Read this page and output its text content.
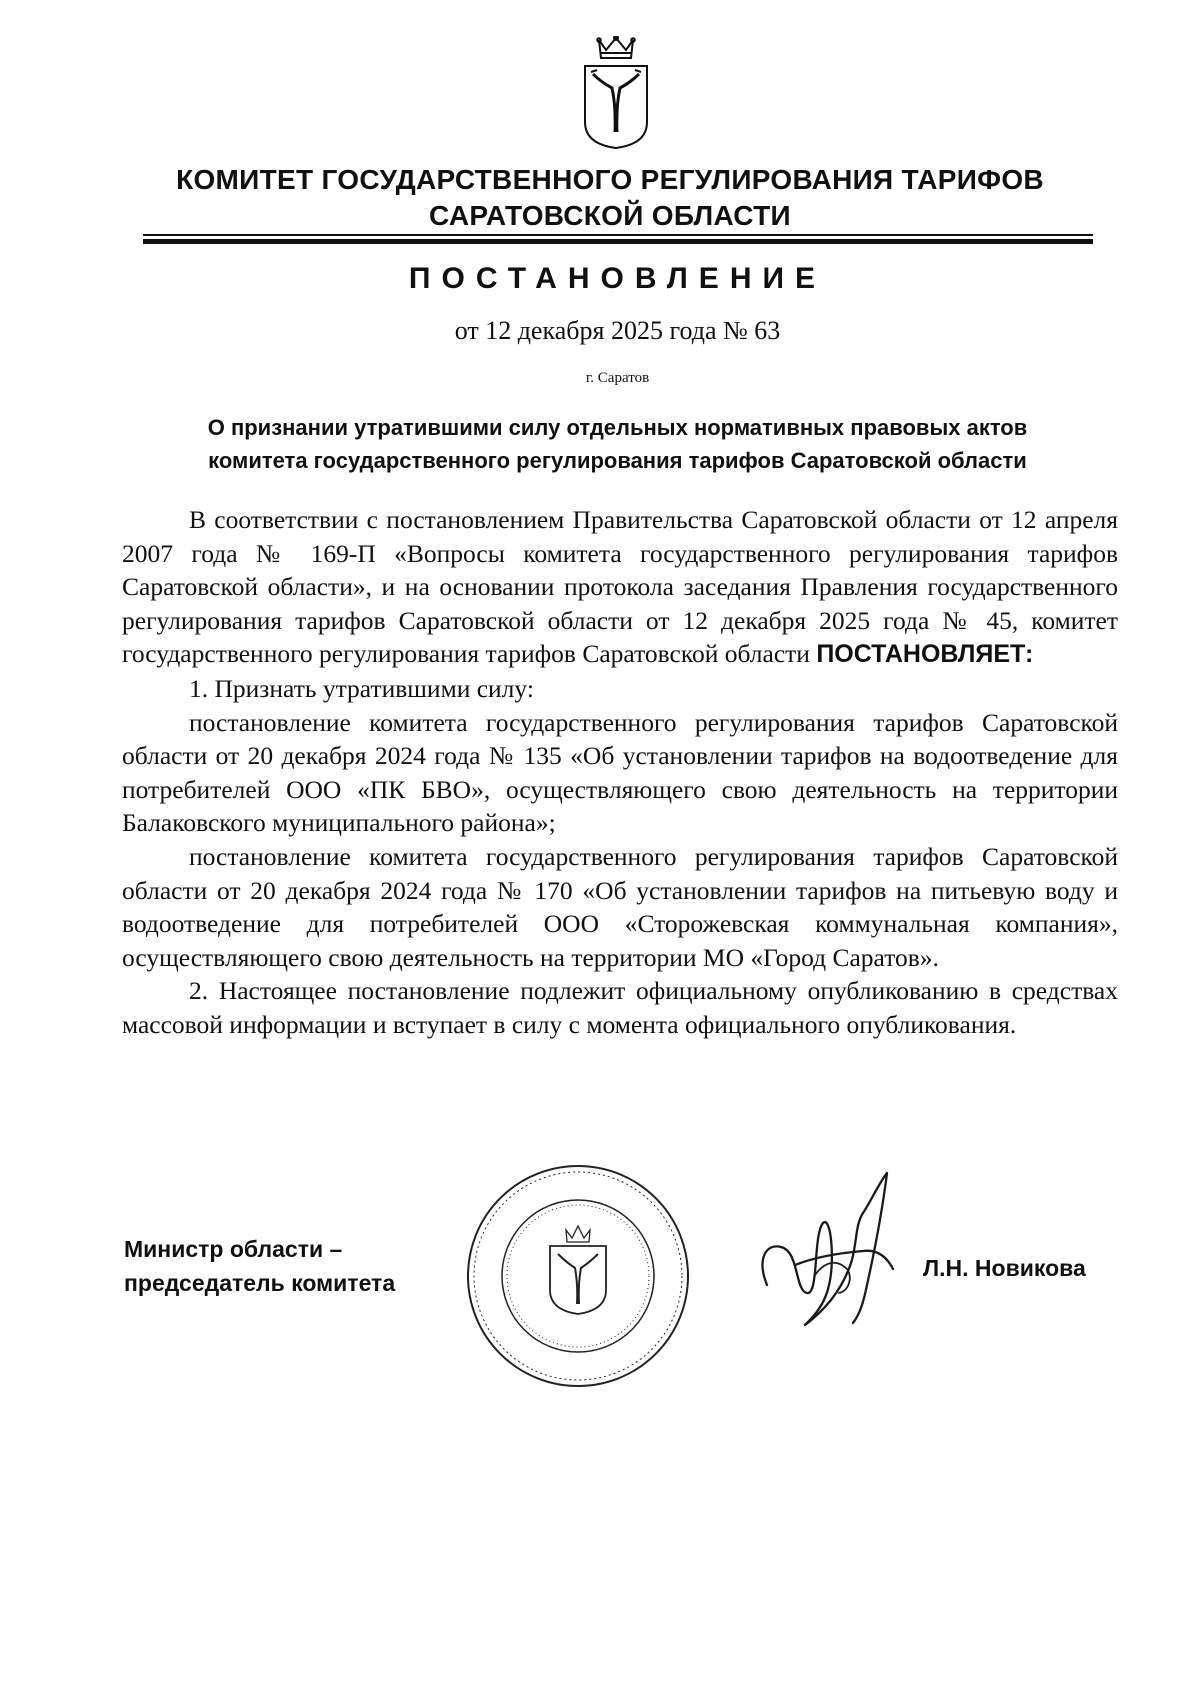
КОМИТЕТ ГОСУДАРСТВЕННОГО РЕГУЛИРОВАНИЯ ТАРИФОВ
САРАТОВСКОЙ ОБЛАСТИ
ПОСТАНОВЛЕНИЕ
от 12 декабря 2025 года № 63
г. Саратов
О признании утратившими силу отдельных нормативных правовых актов
комитета государственного регулирования тарифов Саратовской области

В соответствии с постановлением Правительства Саратовской области от 12 апреля 2007 года № 169-П «Вопросы комитета государственного регулирования тарифов Саратовской области», и на основании протокола заседания Правления государственного регулирования тарифов Саратовской области от 12 декабря 2025 года № 45, комитет государственного регулирования тарифов Саратовской области ПОСТАНОВЛЯЕТ:

1. Признать утратившими силу:

постановление комитета государственного регулирования тарифов Саратовской области от 20 декабря 2024 года № 135 «Об установлении тарифов на водоотведение для потребителей ООО «ПК БВО», осуществляющего свою деятельность на территории Балаковского муниципального района»;

постановление комитета государственного регулирования тарифов Саратовской области от 20 декабря 2024 года № 170 «Об установлении тарифов на питьевую воду и водоотведение для потребителей ООО «Сторожевская коммунальная компания», осуществляющего свою деятельность на территории МО «Город Саратов».

2. Настоящее постановление подлежит официальному опубликованию в средствах массовой информации и вступает в силу с момента официального опубликования.

Министр области –
председатель комитета
Л.Н. Новикова
